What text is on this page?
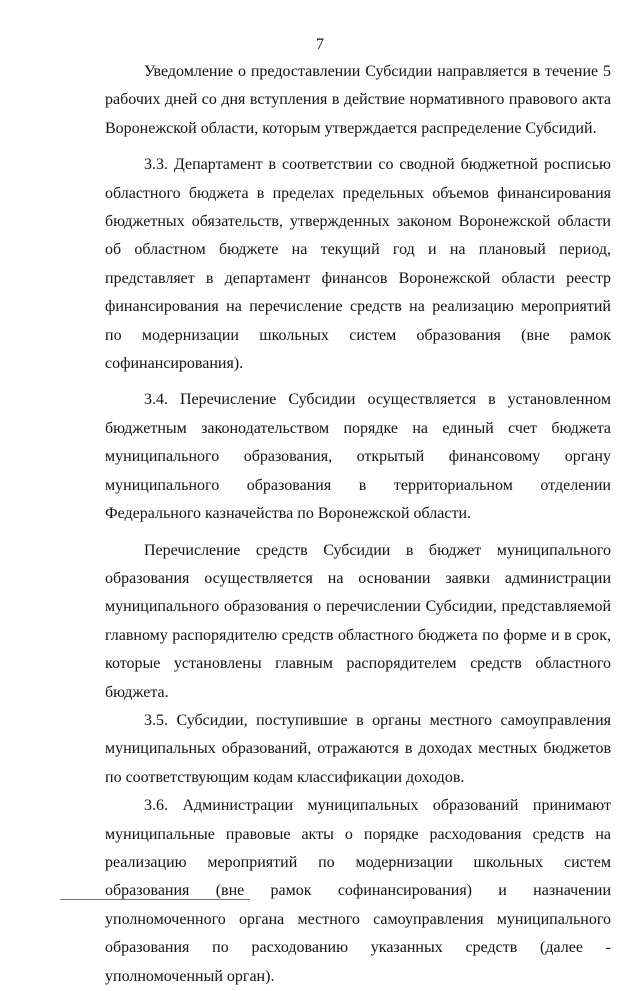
7

Уведомление о предоставлении Субсидии направляется в течение 5 рабочих дней со дня вступления в действие нормативного правового акта Воронежской области, которым утверждается распределение Субсидий.

3.3. Департамент в соответствии со сводной бюджетной росписью областного бюджета в пределах предельных объемов финансирования бюджетных обязательств, утвержденных законом Воронежской области об областном бюджете на текущий год и на плановый период, представляет в департамент финансов Воронежской области реестр финансирования на перечисление средств на реализацию мероприятий по модернизации школьных систем образования (вне рамок софинансирования).

3.4. Перечисление Субсидии осуществляется в установленном бюджетным законодательством порядке на единый счет бюджета муниципального образования, открытый финансовому органу муниципального образования в территориальном отделении Федерального казначейства по Воронежской области.

Перечисление средств Субсидии в бюджет муниципального образования осуществляется на основании заявки администрации муниципального образования о перечислении Субсидии, представляемой главному распорядителю средств областного бюджета по форме и в срок, которые установлены главным распорядителем средств областного бюджета.

3.5. Субсидии, поступившие в органы местного самоуправления муниципальных образований, отражаются в доходах местных бюджетов по соответствующим кодам классификации доходов.

3.6. Администрации муниципальных образований принимают муниципальные правовые акты о порядке расходования средств на реализацию мероприятий по модернизации школьных систем образования (вне рамок софинансирования) и назначении уполномоченного органа местного самоуправления муниципального образования по расходованию указанных средств (далее - уполномоченный орган).
